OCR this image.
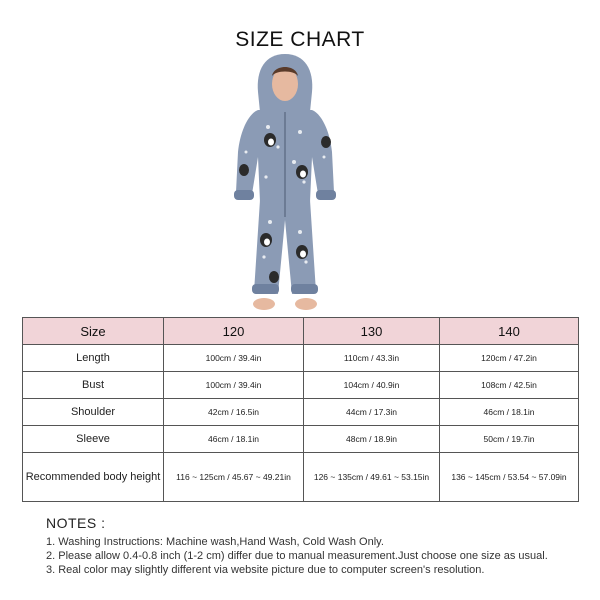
SIZE CHART
Size	120	130	140
Length	100cm / 39.4in	110cm / 43.3in	120cm / 47.2in
Bust	100cm / 39.4in	104cm / 40.9in	108cm / 42.5in
Shoulder	42cm / 16.5in	44cm / 17.3in	46cm / 18.1in
Sleeve	46cm / 18.1in	48cm / 18.9in	50cm / 19.7in
Recommended body height	116 ~ 125cm / 45.67 ~ 49.21in	126 ~ 135cm / 49.61 ~ 53.15in	136 ~ 145cm / 53.54 ~ 57.09in
NOTES :
1. Washing Instructions: Machine wash,Hand Wash, Cold Wash Only.
2. Please allow 0.4-0.8 inch (1-2 cm) differ due to manual measurement.Just choose one size as usual.
3. Real color may slightly different via website picture due to computer screen's resolution.
